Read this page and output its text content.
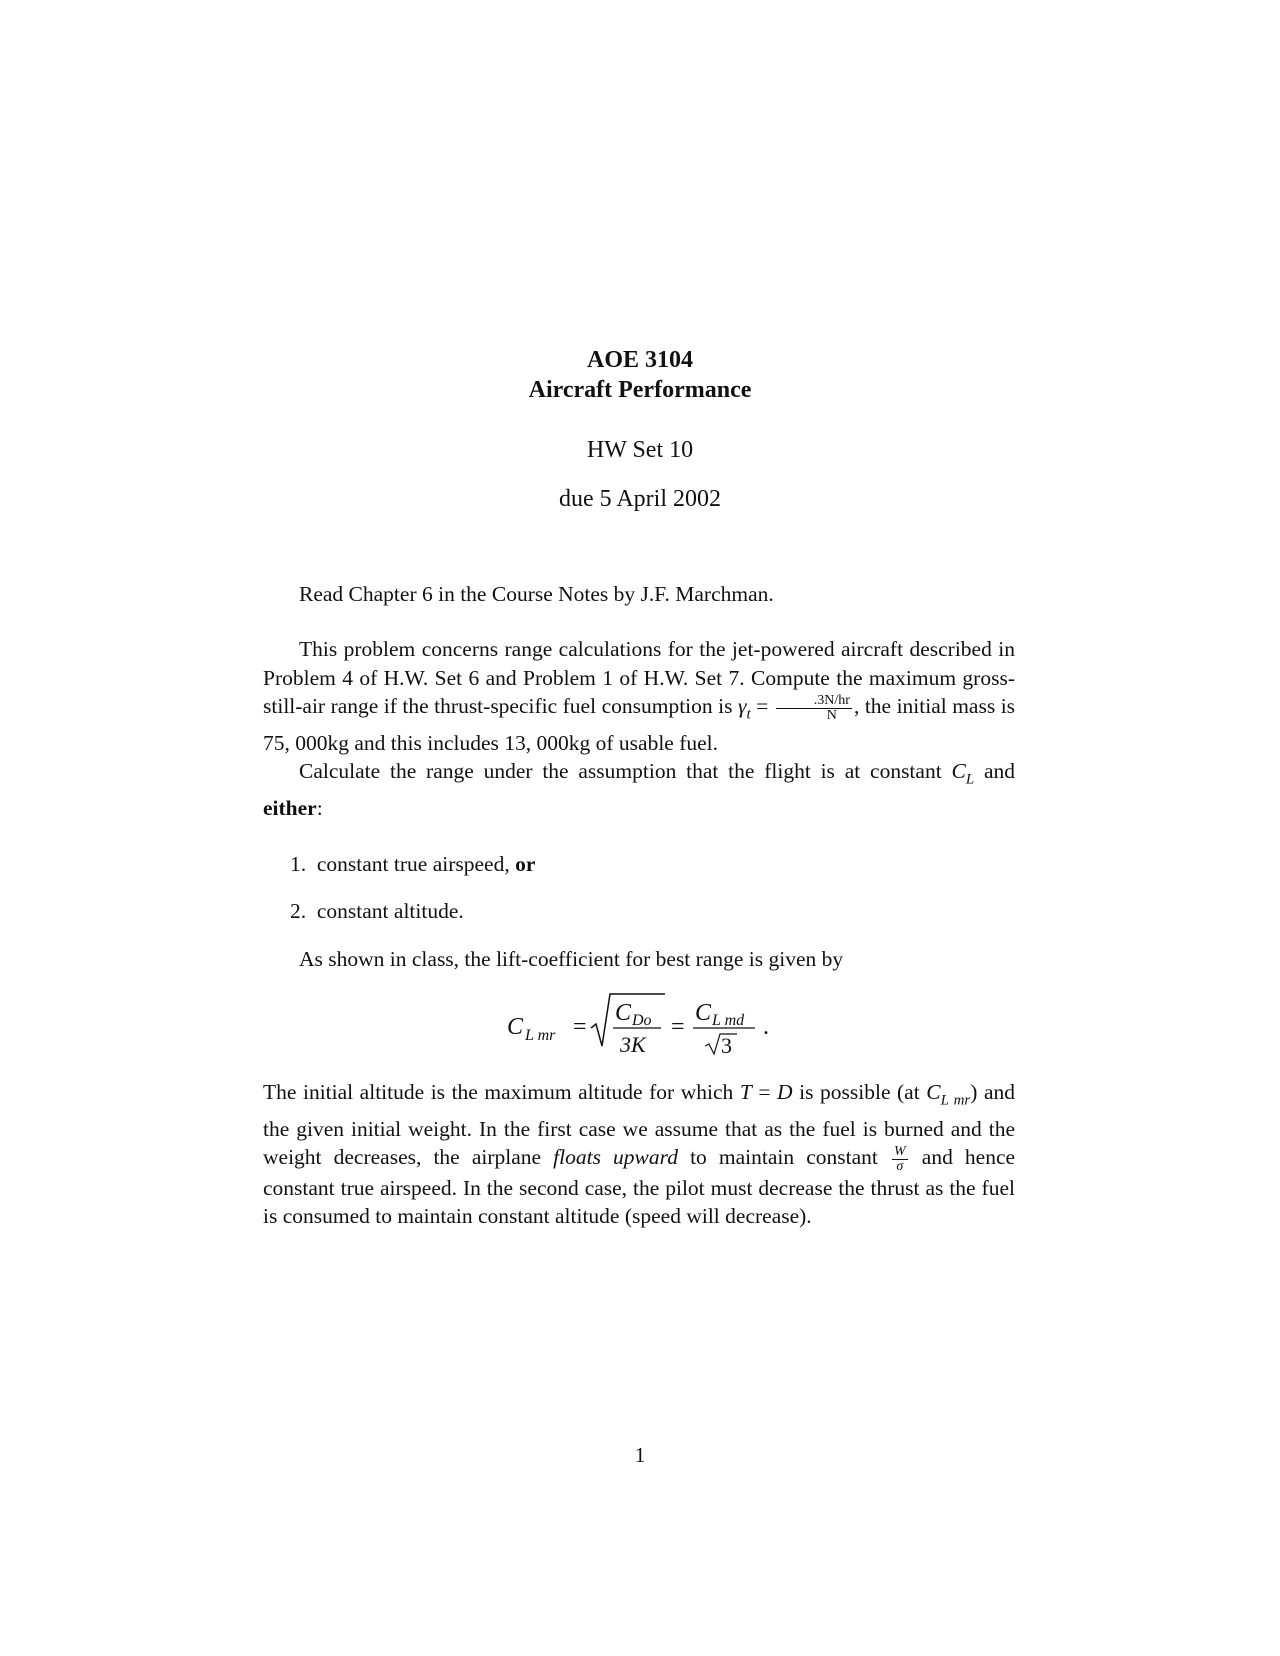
AOE 3104
Aircraft Performance
HW Set 10
due 5 April 2002

Read Chapter 6 in the Course Notes by J.F. Marchman.

This problem concerns range calculations for the jet-powered aircraft described in Problem 4 of H.W. Set 6 and Problem 1 of H.W. Set 7. Compute the maximum gross-still-air range if the thrust-specific fuel consumption is $\gamma_t = \frac{.3N/hr}{N}$ , the initial mass is 75, 000kg and this includes 13, 000kg of usable fuel.

Calculate the range under the assumption that the flight is at constant $C_L$ and either:

1. constant true airspeed, or
2. constant altitude.

As shown in class, the lift-coefficient for best range is given by

C L mr =
C Do
3K
=
C L md
3
.

The initial altitude is the maximum altitude for which T = D is possible (at $C_{L mr}$) and the given initial weight. In the first case we assume that as the fuel is burned and the weight decreases, the airplane floats upward to maintain constant $\frac{W}{\sigma}$ and hence constant true airspeed. In the second case, the pilot must decrease the thrust as the fuel is consumed to maintain constant altitude (speed will decrease).

1
